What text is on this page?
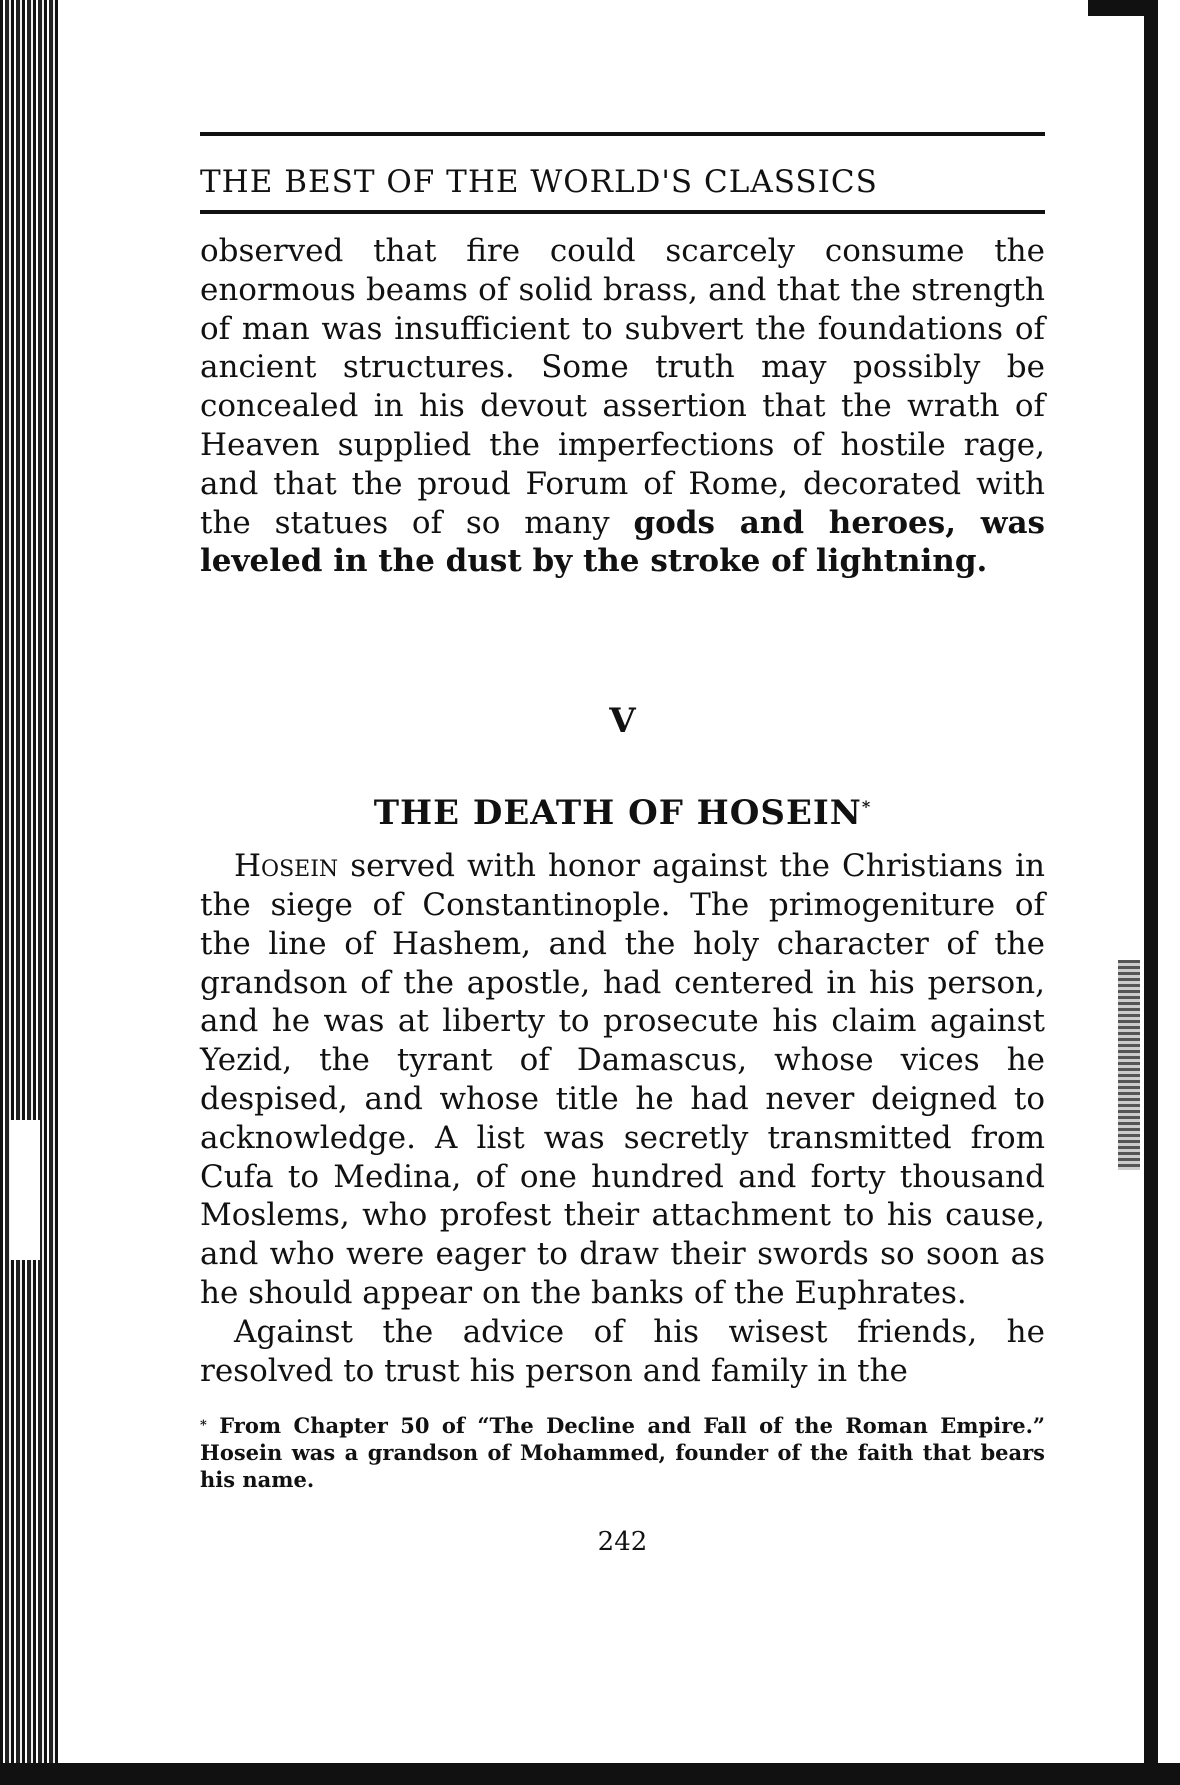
THE BEST OF THE WORLD'S CLASSICS

observed that fire could scarcely consume the enormous beams of solid brass, and that the strength of man was insufficient to subvert the foundations of ancient structures. Some truth may possibly be concealed in his devout assertion that the wrath of Heaven supplied the imperfections of hostile rage, and that the proud Forum of Rome, decorated with the statues of so many gods and heroes, was leveled in the dust by the stroke of lightning.

V
THE DEATH OF HOSEIN*

Hosein served with honor against the Christians in the siege of Constantinople. The primogeniture of the line of Hashem, and the holy character of the grandson of the apostle, had centered in his person, and he was at liberty to prosecute his claim against Yezid, the tyrant of Damascus, whose vices he despised, and whose title he had never deigned to acknowledge. A list was secretly transmitted from Cufa to Medina, of one hundred and forty thousand Moslems, who profest their attachment to his cause, and who were eager to draw their swords so soon as he should appear on the banks of the Euphrates.

Against the advice of his wisest friends, he resolved to trust his person and family in the

* From Chapter 50 of “The Decline and Fall of the Roman Empire.” Hosein was a grandson of Mohammed, founder of the faith that bears his name.
242
